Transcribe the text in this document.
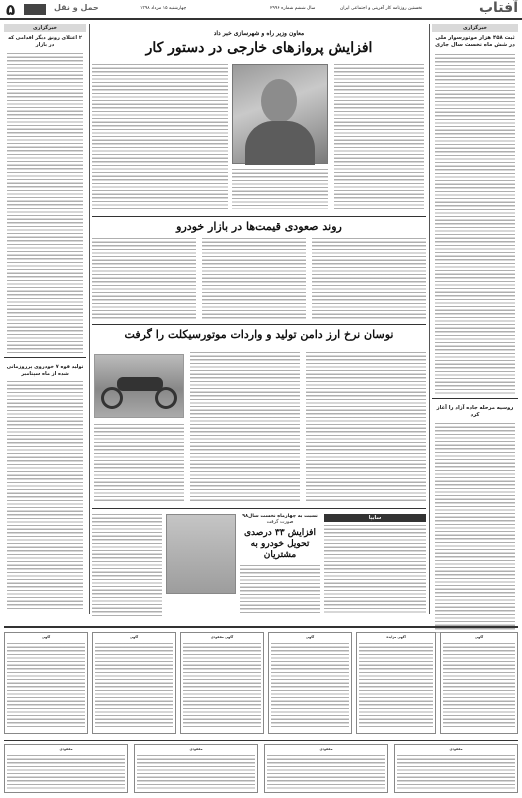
۵	حمل و نقل	چهارشنبه ۱۵ مرداد ۱۳۹۸	سال ششم شماره ۲۹۹۶	نخستین روزنامه کار آفرینی و اجتماعی ایران	آفتاب
خبرگزاری
ثبت ۴۵۸ هزار موتورسوار ملی در شش ماه نخست سال جاری
روسیه مرحله جاده آزاد را آغاز کرد
خبرگزاری
۲ اعتلای رونق دیگر اقدامی که در بازار
تولید قوه ۷ خودروی پرروزمانی شده از ماه سپتامبر
معاون وزیر راه و شهرسازی خبر داد
افزایش پروازهای خارجی در دستور کار
روند صعودی قیمت‌ها در بازار خودرو
نوسان نرخ ارز دامن تولید و واردات موتورسیکلت را گرفت
نسبت به چهارماه نخست سال۹۸
صورت گرفت
افزایش ۳۳ درصدی تحویل خودرو به مشتریان
سایپا
آگهی	آگهی	آگهی مفقودی	آگهی	آگهی مزایده	آگهی
مفقودی	مفقودی	مفقودی	مفقودی
